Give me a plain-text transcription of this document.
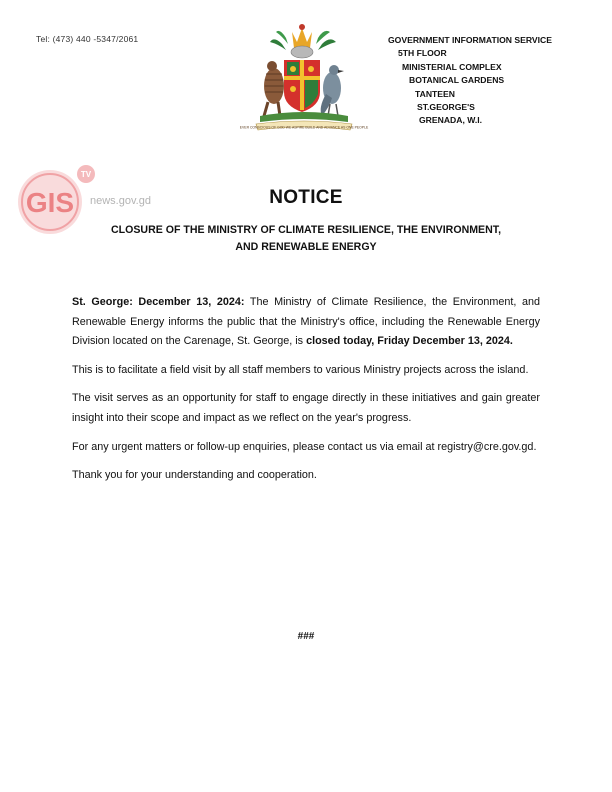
Tel: (473) 440 -5347/2061
EVER CONSCIOUS OF GOD WE ASPIRE BUILD AND ADVANCE AS ONE PEOPLE
GOVERNMENT INFORMATION SERVICE
5TH FLOOR
MINISTERIAL COMPLEX
BOTANICAL GARDENS
TANTEEN
ST.GEORGE'S
GRENADA, W.I.
GIS
TV
news.gov.gd	NOTICE
CLOSURE OF THE MINISTRY OF CLIMATE RESILIENCE, THE ENVIRONMENT,
AND RENEWABLE ENERGY

St. George: December 13, 2024: The Ministry of Climate Resilience, the Environment, and Renewable Energy informs the public that the Ministry's office, including the Renewable Energy Division located on the Carenage, St. George, is closed today, Friday December 13, 2024.

This is to facilitate a field visit by all staff members to various Ministry projects across the island.

The visit serves as an opportunity for staff to engage directly in these initiatives and gain greater insight into their scope and impact as we reflect on the year's progress.

For any urgent matters or follow-up enquiries, please contact us via email at registry@cre.gov.gd.

Thank you for your understanding and cooperation.

###
